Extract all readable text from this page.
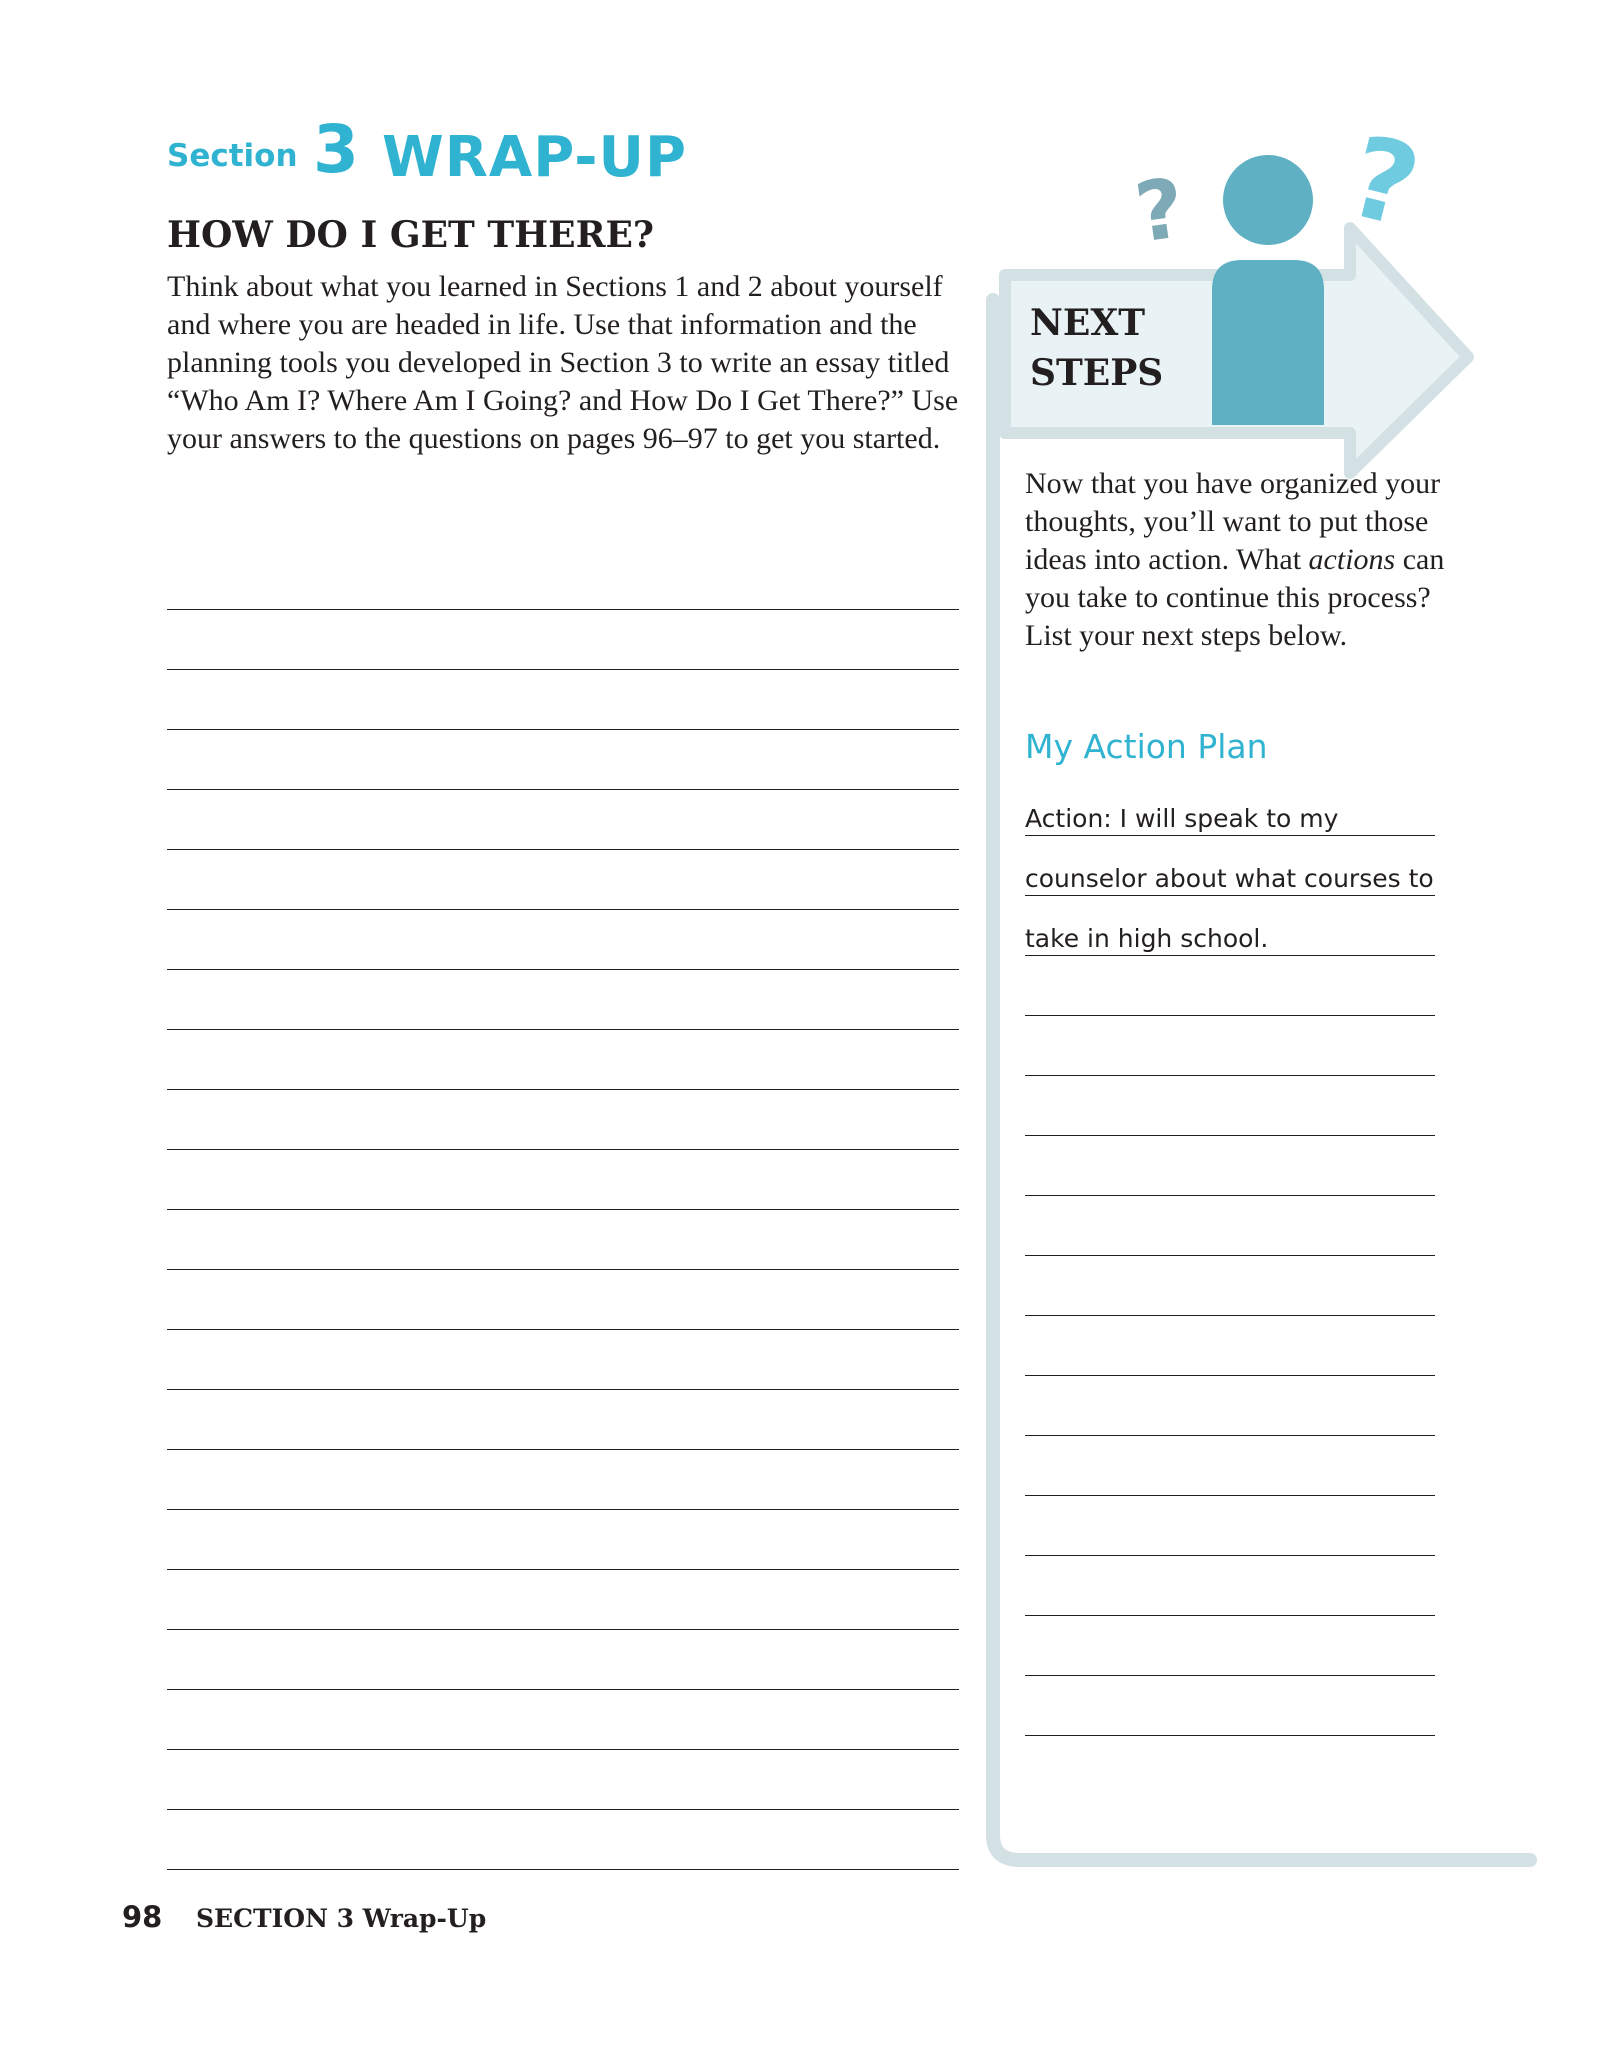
Section 3 WRAP-UP
HOW DO I GET THERE?
Think about what you learned in Sections 1 and 2 about yourself and where you are headed in life. Use that information and the planning tools you developed in Section 3 to write an essay titled “Who Am I? Where Am I Going? and How Do I Get There?” Use your answers to the questions on pages 96–97 to get you started.
? ?
NEXT
STEPS
Now that you have organized your thoughts, you’ll want to put those ideas into action. What actions can you take to continue this process? List your next steps below.
My Action Plan
Action: I will speak to my
counselor about what courses to
take in high school.
98 SECTION 3 Wrap-Up
